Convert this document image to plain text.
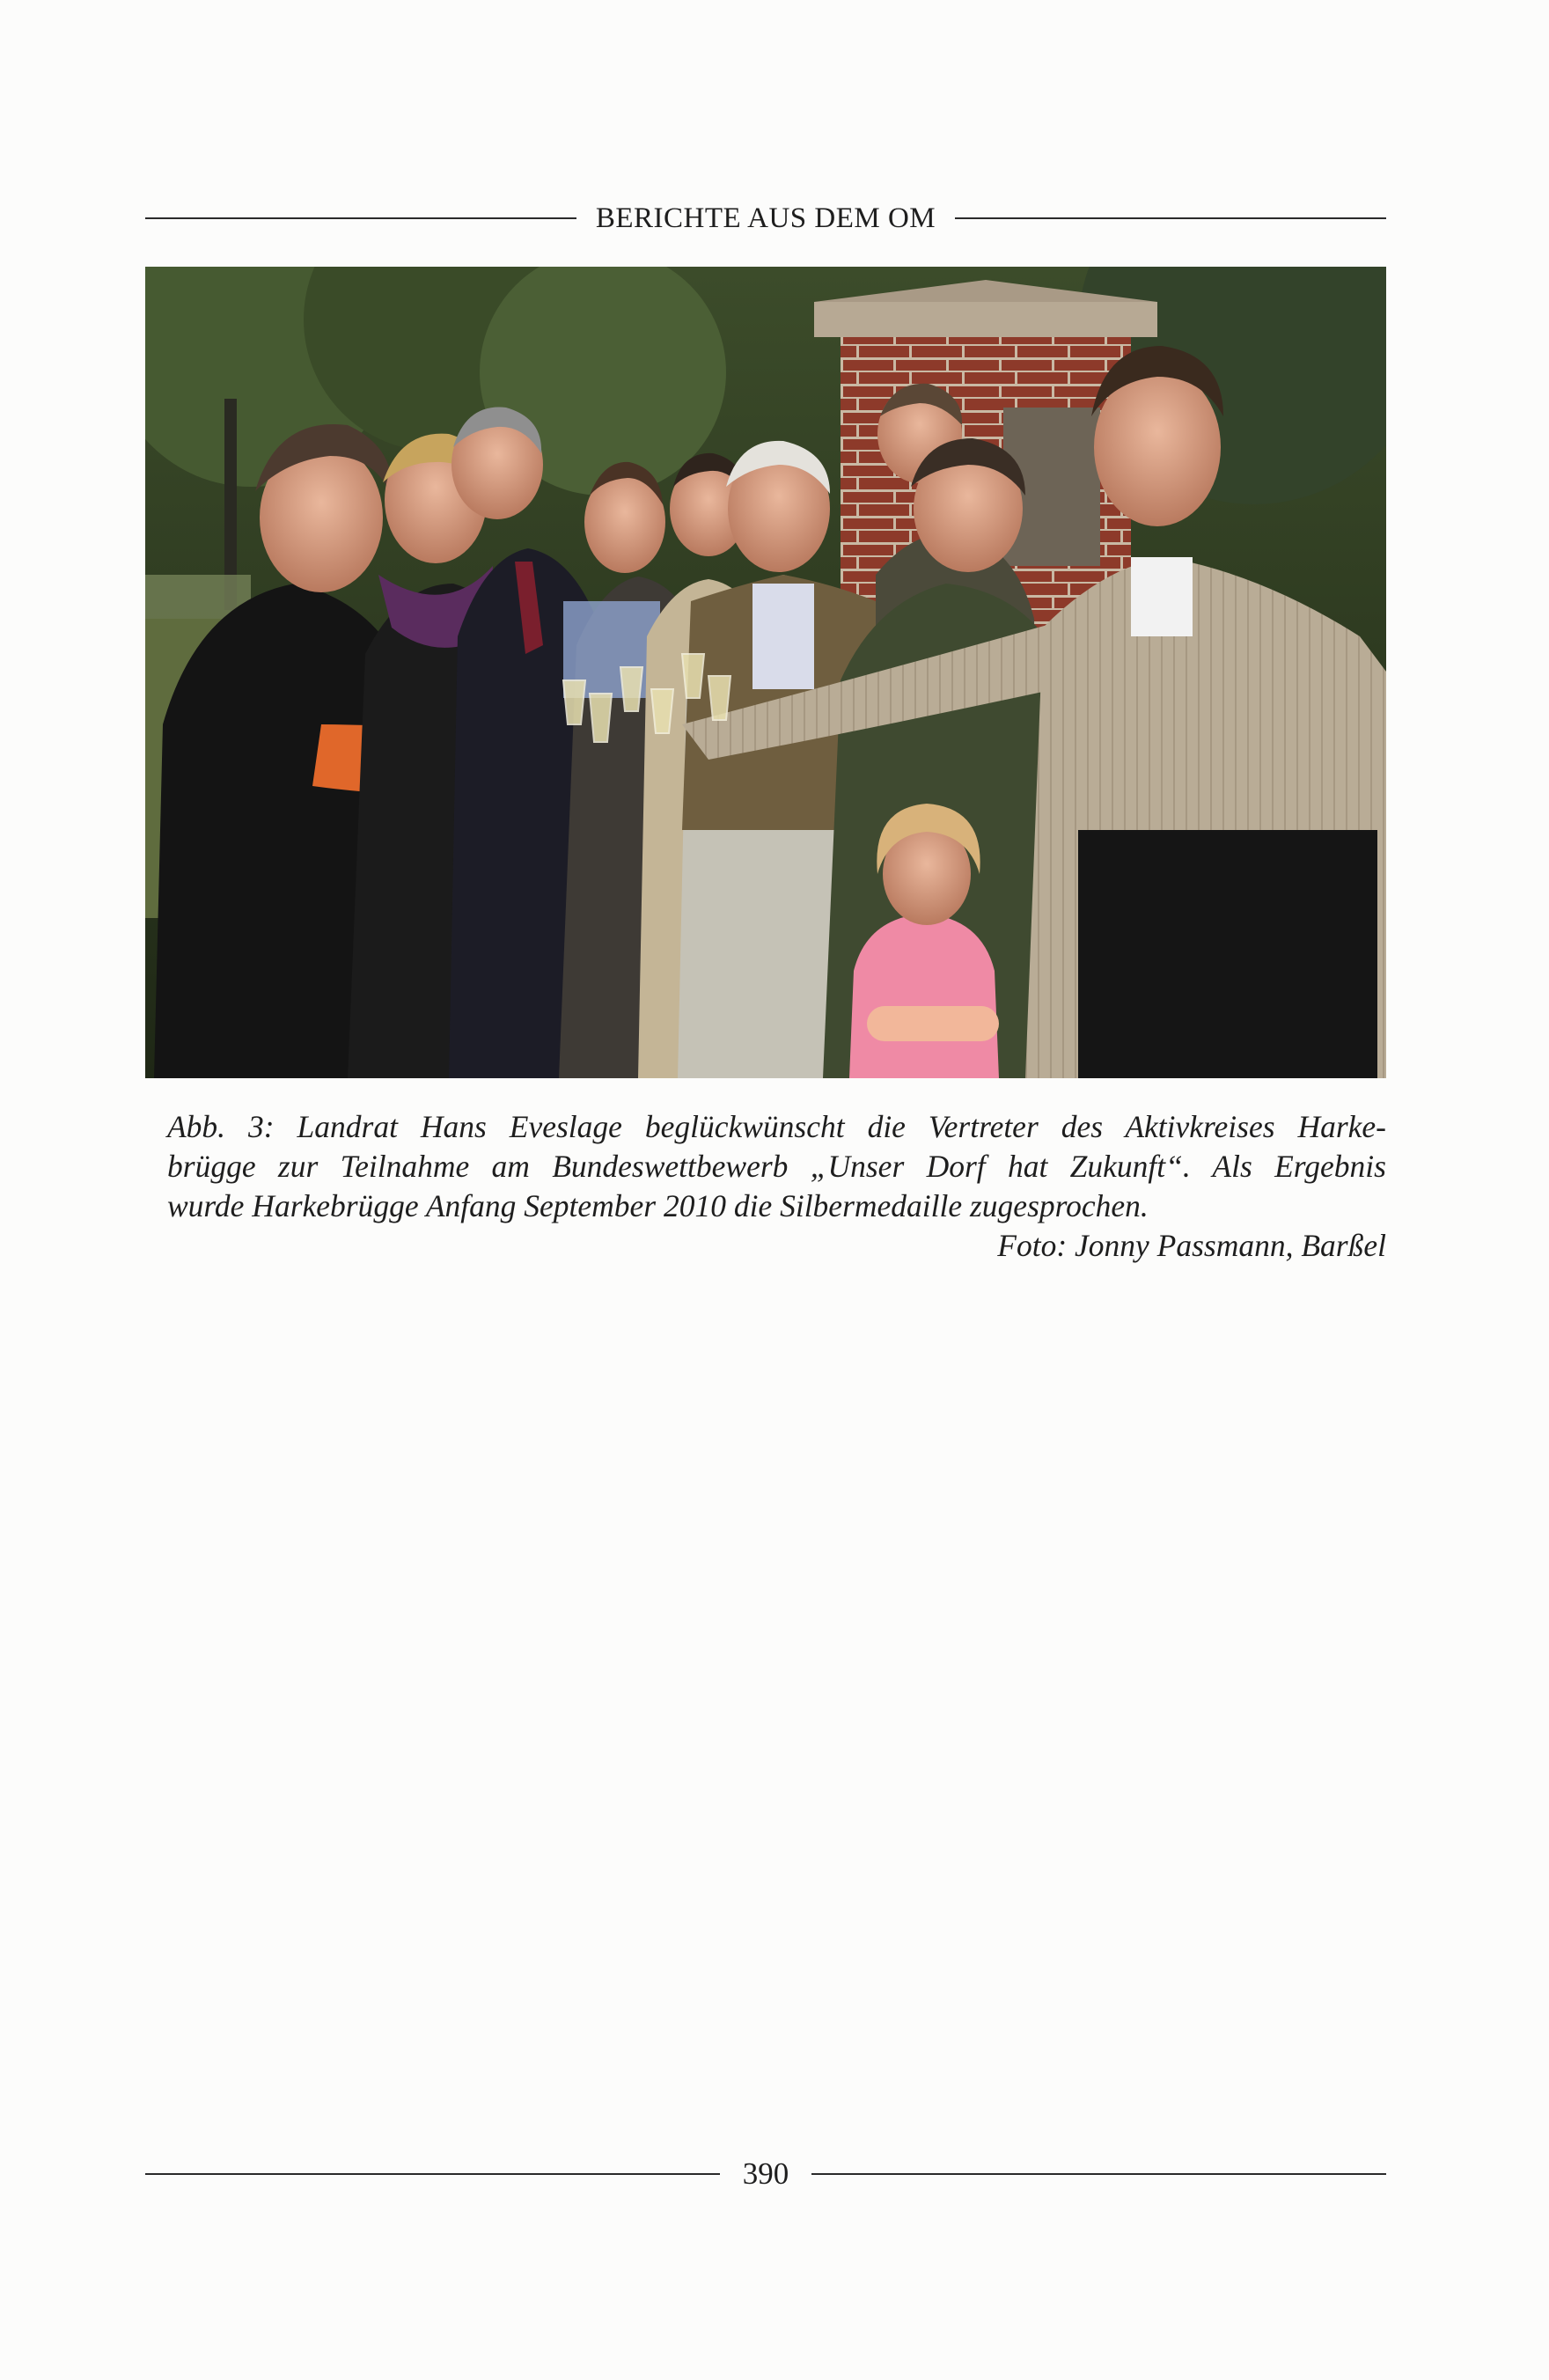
BERICHTE AUS DEM OM
Abb. 3: Landrat Hans Eveslage beglückwünscht die Vertreter des Aktivkreises Harke-
brügge zur Teilnahme am Bundeswettbewerb „Unser Dorf hat Zukunft“. Als Ergebnis
wurde Harkebrügge Anfang September 2010 die Silbermedaille zugesprochen.
Foto: Jonny Passmann, Barßel
390
